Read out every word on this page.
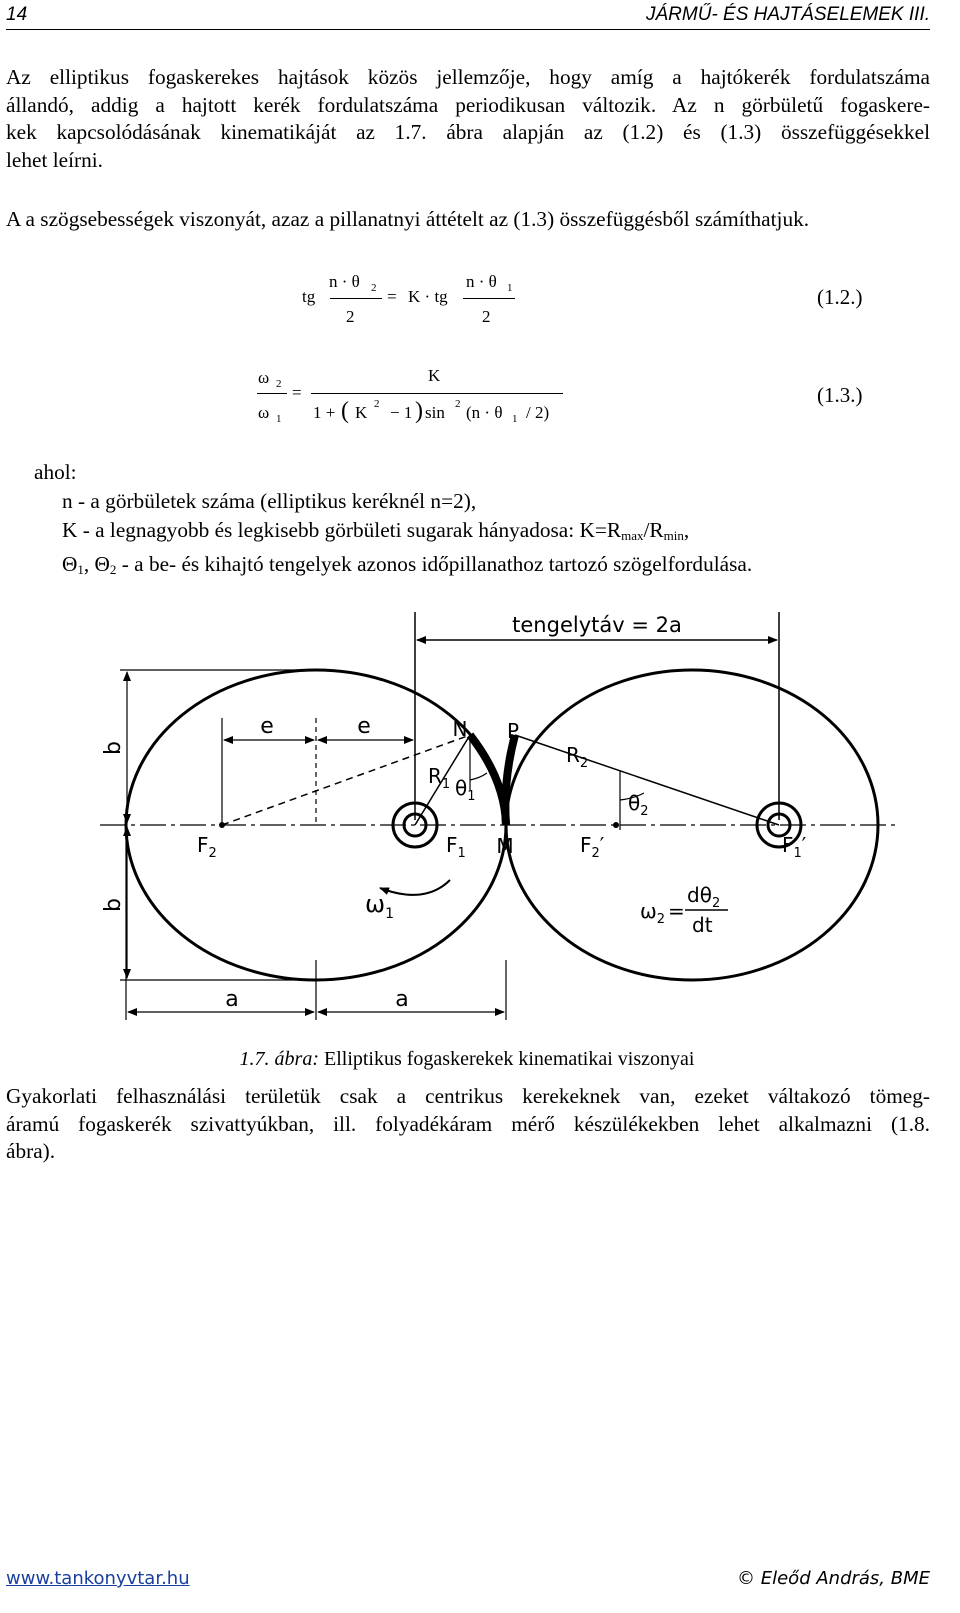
14	JÁRMŰ- ÉS HAJTÁSELEMEK III.

Az elliptikus fogaskerekes hajtások közös jellemzője, hogy amíg a hajtókerék fordulatszáma
állandó, addig a hajtott kerék fordulatszáma periodikusan változik. Az n görbületű fogaskere-
kek kapcsolódásának kinematikáját az 1.7. ábra alapján az (1.2) és (1.3) összefüggésekkel
lehet leírni.

A a szögsebességek viszonyát, azaz a pillanatnyi áttételt az (1.3) összefüggésből számíthatjuk.

tg
n · θ 2
2
= K · tg
n · θ 1
2
(1.2.)
ω 2
ω 1
=
K
1 + ( K 2 − 1 ) sin 2 (n · θ 1 / 2)
(1.3.)
ahol:
n - a görbületek száma (elliptikus keréknél n=2),
K - a legnagyobb és legkisebb görbületi sugarak hányadosa: $K=R_{max}/R_{min}$,
$\Theta_1$, $\Theta_2$ - a be- és kihajtó tengelyek azonos időpillanathoz tartozó szögelfordulása.
tengelytáv = 2a
e	e
b
b
a	a
N P
M
$R_1$
$R_2$
$\theta_1$	$\theta_2$
$F_2$	$F_1$	$F_2'$	$F_1'$
$\omega_1$	$\omega_2$ =
$d\theta_2$
dt
1.7. ábra: Elliptikus fogaskerekek kinematikai viszonyai

Gyakorlati felhasználási területük csak a centrikus kerekeknek van, ezeket váltakozó tömeg-
áramú fogaskerék szivattyúkban, ill. folyadékáram mérő készülékekben lehet alkalmazni (1.8.
ábra).

www.tankonyvtar.hu	© Eleőd András, BME
